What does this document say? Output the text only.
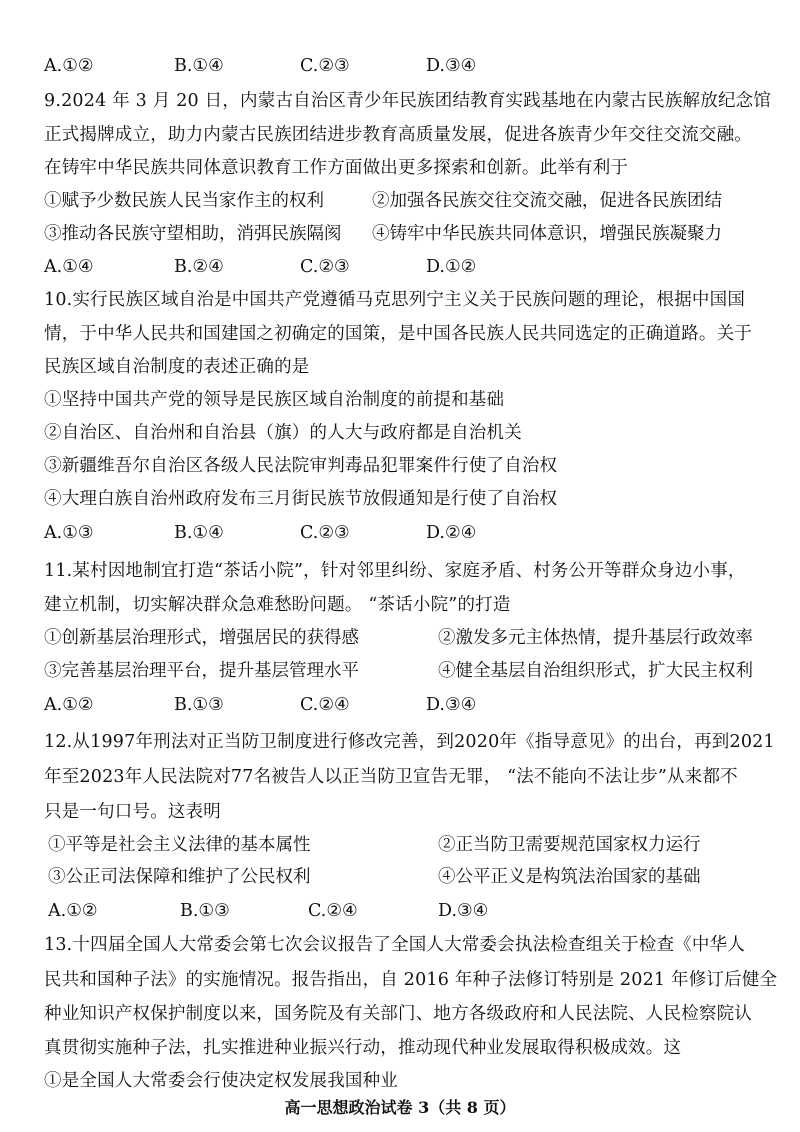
A.①②	B.①④	C.②③	D.③④
9.2024 年 3 月 20 日，内蒙古自治区青少年民族团结教育实践基地在内蒙古民族解放纪念馆
正式揭牌成立，助力内蒙古民族团结进步教育高质量发展，促进各族青少年交往交流交融。
在铸牢中华民族共同体意识教育工作方面做出更多探索和创新。此举有利于
①赋予少数民族人民当家作主的权利	②加强各民族交往交流交融，促进各民族团结
③推动各民族守望相助，消弭民族隔阂 ④铸牢中华民族共同体意识，增强民族凝聚力
A.①④	B.②④	C.②③	D.①②
10.实行民族区域自治是中国共产党遵循马克思列宁主义关于民族问题的理论，根据中国国
情，于中华人民共和国建国之初确定的国策，是中国各民族人民共同选定的正确道路。关于
民族区域自治制度的表述正确的是
①坚持中国共产党的领导是民族区域自治制度的前提和基础
②自治区、自治州和自治县（旗）的人大与政府都是自治机关
③新疆维吾尔自治区各级人民法院审判毒品犯罪案件行使了自治权
④大理白族自治州政府发布三月街民族节放假通知是行使了自治权
A.①③	B.①④	C.②③	D.②④
11.某村因地制宜打造“茶话小院”，针对邻里纠纷、家庭矛盾、村务公开等群众身边小事，
建立机制，切实解决群众急难愁盼问题。 “茶话小院”的打造
①创新基层治理形式，增强居民的获得感	②激发多元主体热情，提升基层行政效率
③完善基层治理平台，提升基层管理水平	④健全基层自治组织形式，扩大民主权利
A.①②	B.①③	C.②④	D.③④
12.从1997年刑法对正当防卫制度进行修改完善，到2020年《指导意见》的出台，再到2021
年至2023年人民法院对77名被告人以正当防卫宣告无罪， “法不能向不法让步”从来都不
只是一句口号。这表明
①平等是社会主义法律的基本属性	②正当防卫需要规范国家权力运行
③公正司法保障和维护了公民权利	④公平正义是构筑法治国家的基础
A.①②	B.①③	C.②④	D.③④
13.十四届全国人大常委会第七次会议报告了全国人大常委会执法检查组关于检查《中华人
民共和国种子法》的实施情况。报告指出，自 2016 年种子法修订特别是 2021 年修订后健全
种业知识产权保护制度以来，国务院及有关部门、地方各级政府和人民法院、人民检察院认
真贯彻实施种子法，扎实推进种业振兴行动，推动现代种业发展取得积极成效。这
①是全国人大常委会行使决定权发展我国种业
高一思想政治试卷 3（共 8 页）
